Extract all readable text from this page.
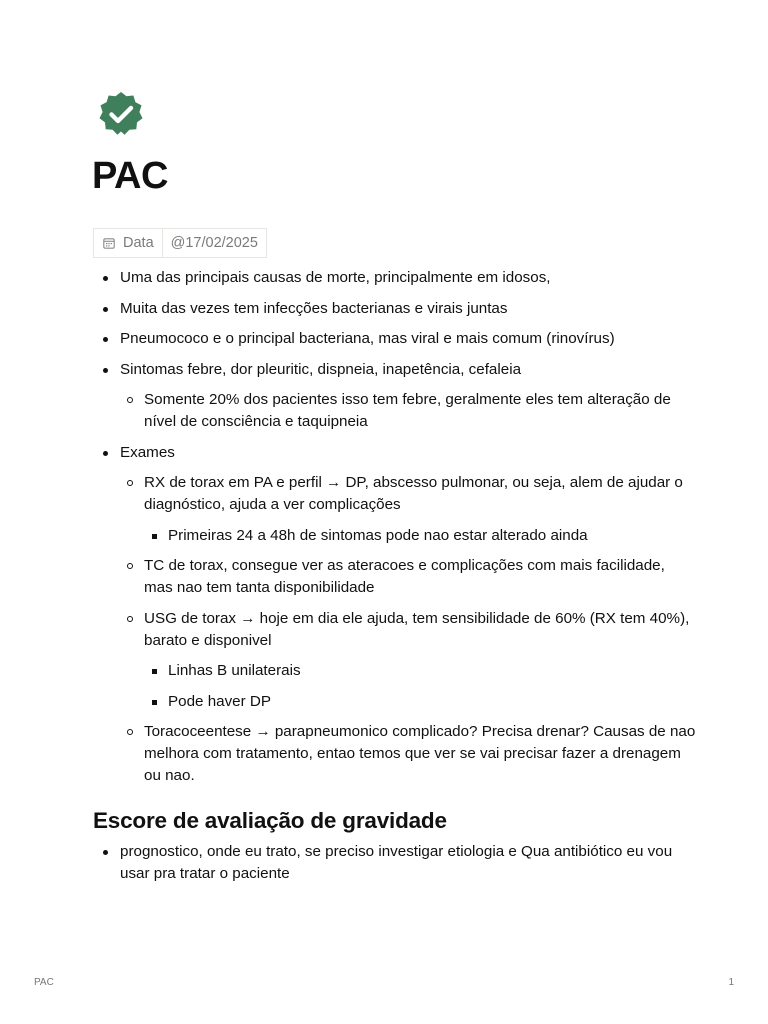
PAC
Data	@17/02/2025
Uma das principais causas de morte, principalmente em idosos,
Muita das vezes tem infecções bacterianas e virais juntas
Pneumococo e o principal bacteriana, mas viral e mais comum (rinovírus)
Sintomas febre, dor pleuritic, dispneia, inapetência, cefaleia
Somente 20% dos pacientes isso tem febre, geralmente eles tem alteração de nível de consciência e taquipneia
Exames
RX de torax em PA e perfil → DP, abscesso pulmonar, ou seja, alem de ajudar o diagnóstico, ajuda a ver complicações
Primeiras 24 a 48h de sintomas pode nao estar alterado ainda
TC de torax, consegue ver as ateracoes e complicações com mais facilidade, mas nao tem tanta disponibilidade
USG de torax → hoje em dia ele ajuda, tem sensibilidade de 60% (RX tem 40%), barato e disponivel
Linhas B unilaterais
Pode haver DP
Toracoceentese → parapneumonico complicado? Precisa drenar? Causas de nao melhora com tratamento, entao temos que ver se vai precisar fazer a drenagem ou nao.
Escore de avaliação de gravidade
prognostico, onde eu trato, se preciso investigar etiologia e Qua antibiótico eu vou usar pra tratar o paciente
PAC	1
